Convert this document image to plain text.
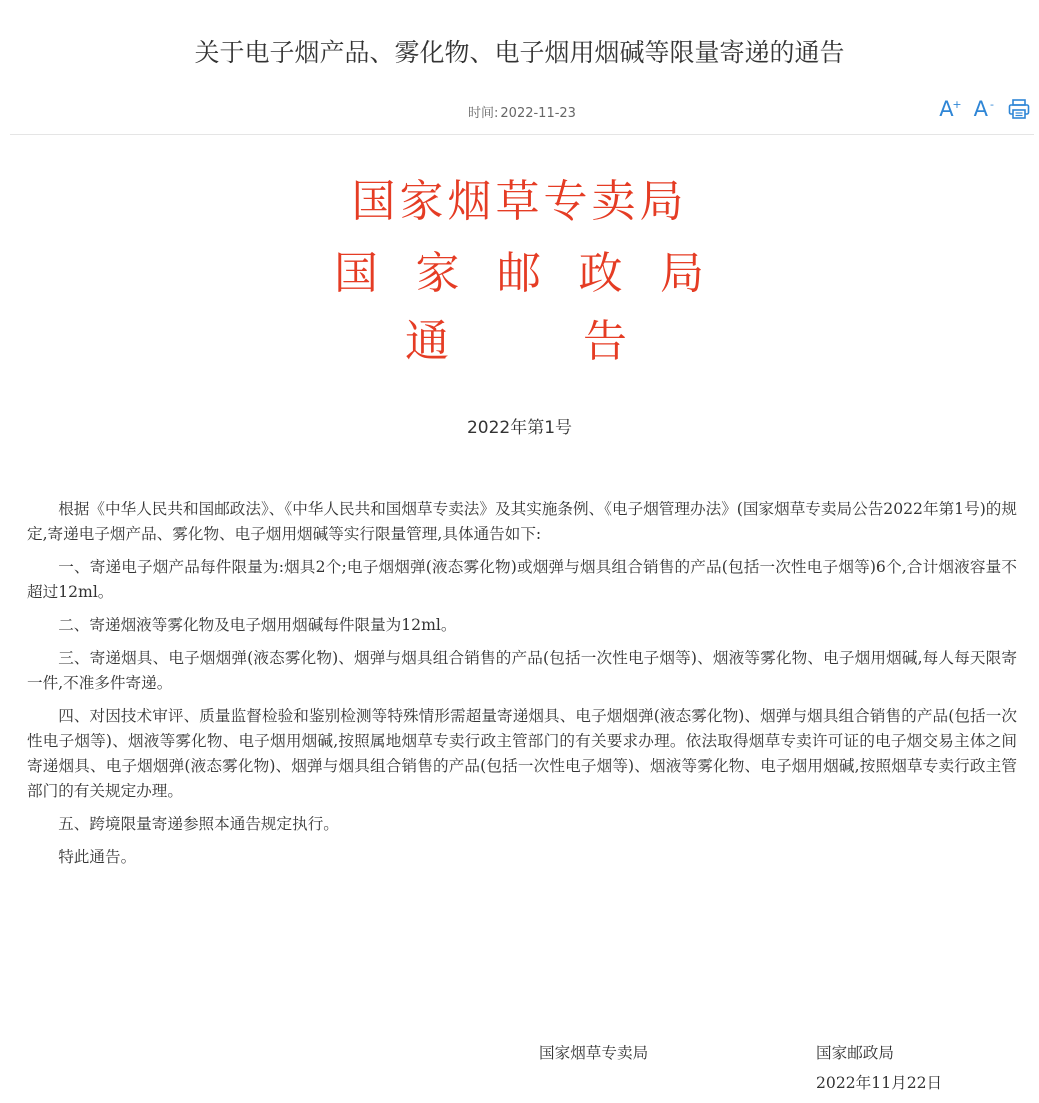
关于电子烟产品、雾化物、电子烟用烟碱等限量寄递的通告
时间: 2022-11-23	A
+ A -
国家烟草专卖局
国 家 邮 政 局
通	告
2022年第1号

根据《中华人民共和国邮政法》、《中华人民共和国烟草专卖法》及其实施条例、《电子烟管理办法》(国家烟草专卖局公告2022年第1号)的规定,寄递电子烟产品、雾化物、电子烟用烟碱等实行限量管理,具体通告如下:

一、寄递电子烟产品每件限量为:烟具2个;电子烟烟弹(液态雾化物)或烟弹与烟具组合销售的产品(包括一次性电子烟等)6个,合计烟液容量不超过12ml。

二、寄递烟液等雾化物及电子烟用烟碱每件限量为12ml。

三、寄递烟具、电子烟烟弹(液态雾化物)、烟弹与烟具组合销售的产品(包括一次性电子烟等)、烟液等雾化物、电子烟用烟碱,每人每天限寄一件,不准多件寄递。

四、对因技术审评、质量监督检验和鉴别检测等特殊情形需超量寄递烟具、电子烟烟弹(液态雾化物)、烟弹与烟具组合销售的产品(包括一次性电子烟等)、烟液等雾化物、电子烟用烟碱,按照属地烟草专卖行政主管部门的有关要求办理。依法取得烟草专卖许可证的电子烟交易主体之间寄递烟具、电子烟烟弹(液态雾化物)、烟弹与烟具组合销售的产品(包括一次性电子烟等)、烟液等雾化物、电子烟用烟碱,按照烟草专卖行政主管部门的有关规定办理。

五、跨境限量寄递参照本通告规定执行。

特此通告。

国家烟草专卖局	国家邮政局
2022年11月22日
